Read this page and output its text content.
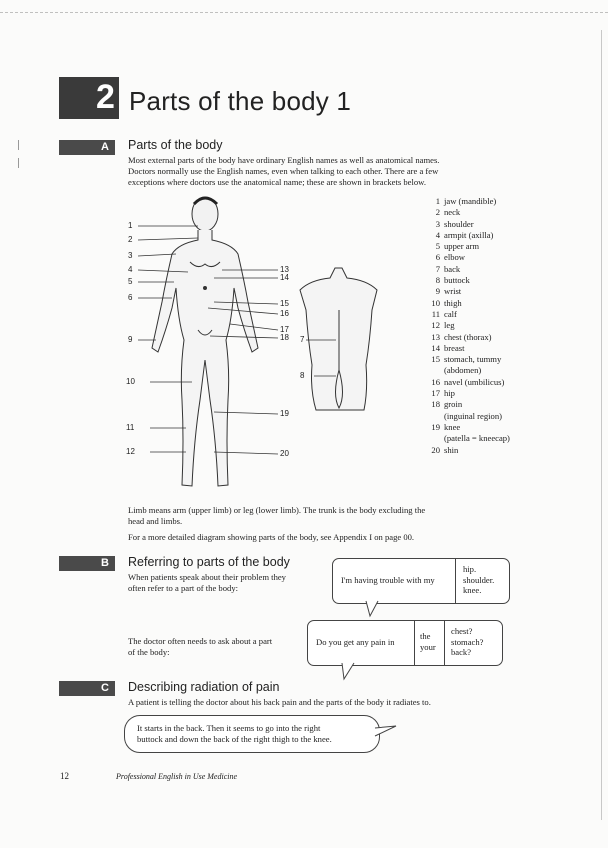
2 Parts of the body 1
A Parts of the body
Most external parts of the body have ordinary English names as well as anatomical names.
Doctors normally use the English names, even when talking to each other. There are a few
exceptions where doctors use the anatomical name; these are shown in brackets below.
1
2
3
4
5
6
9
10
11
12
13
14
15
16
17
18
19
20
7
8
1 jaw (mandible)
2 neck
3 shoulder
4 armpit (axilla)
5 upper arm
6 elbow
7 back
8 buttock
9 wrist
10 thigh
11 calf
12 leg
13 chest (thorax)
14 breast
15 stomach, tummy
(abdomen)
16 navel (umbilicus)
17 hip
18 groin
(inguinal region)
19 knee
(patella = kneecap)
20 shin
Limb means arm (upper limb) or leg (lower limb). The trunk is the body excluding the
head and limbs.
For a more detailed diagram showing parts of the body, see Appendix I on page 00.
B Referring to parts of the body
When patients speak about their problem they
often refer to a part of the body:
I'm having trouble with my
hip.
shoulder.
knee.
The doctor often needs to ask about a part
of the body:
Do you get any pain in
the
your
chest?
stomach?
back?
C Describing radiation of pain
A patient is telling the doctor about his back pain and the parts of the body it radiates to.
It starts in the back. Then it seems to go into the right
buttock and down the back of the right thigh to the knee.
12	Professional English in Use Medicine
